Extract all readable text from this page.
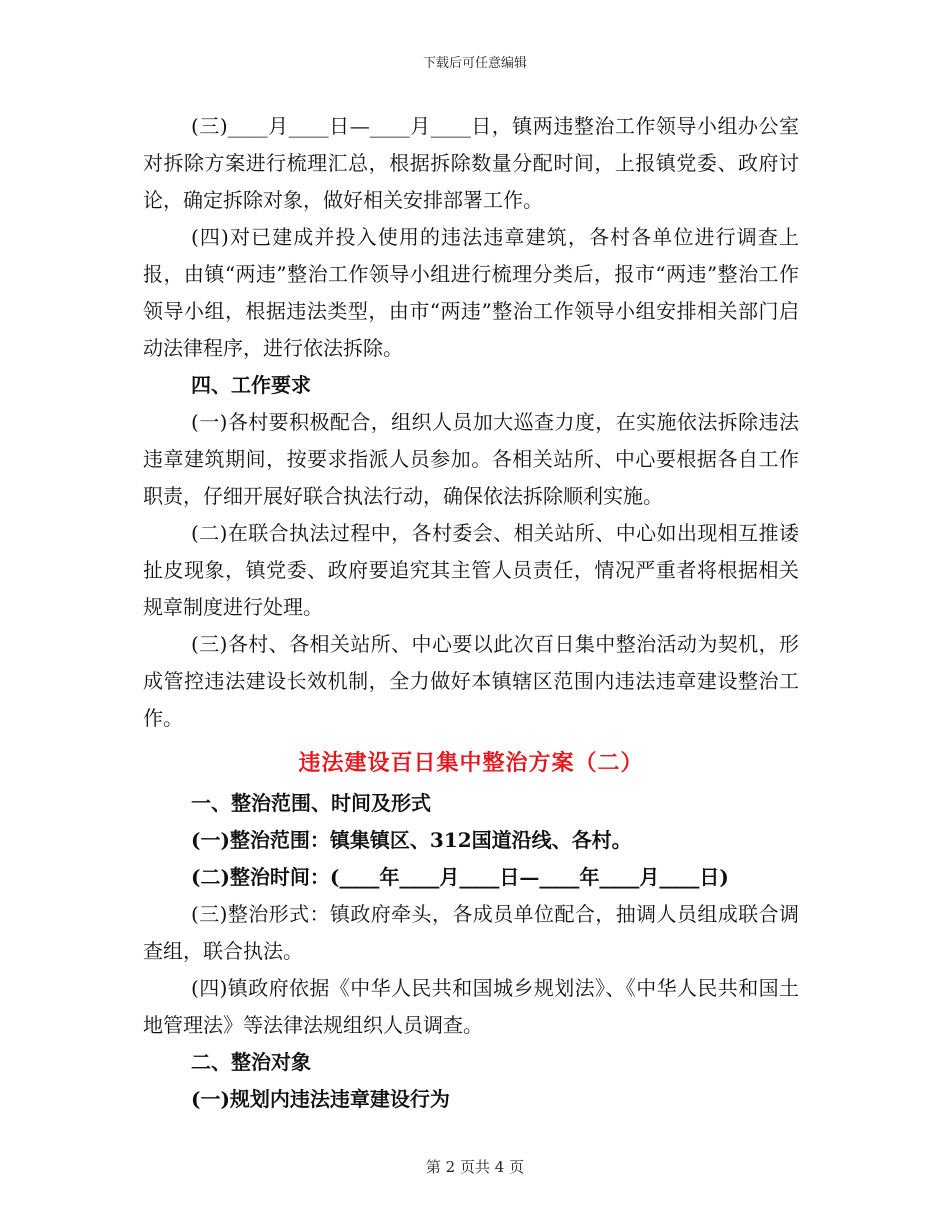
下载后可任意编辑

(三)____月____日—____月____日，镇两违整治工作领导小组办公室对拆除方案进行梳理汇总，根据拆除数量分配时间，上报镇党委、政府讨论，确定拆除对象，做好相关安排部署工作。

(四)对已建成并投入使用的违法违章建筑，各村各单位进行调查上报，由镇“两违”整治工作领导小组进行梳理分类后，报市“两违”整治工作领导小组，根据违法类型，由市“两违”整治工作领导小组安排相关部门启动法律程序，进行依法拆除。

四、工作要求

(一)各村要积极配合，组织人员加大巡查力度，在实施依法拆除违法违章建筑期间，按要求指派人员参加。各相关站所、中心要根据各自工作职责，仔细开展好联合执法行动，确保依法拆除顺利实施。

(二)在联合执法过程中，各村委会、相关站所、中心如出现相互推诿扯皮现象，镇党委、政府要追究其主管人员责任，情况严重者将根据相关规章制度进行处理。

(三)各村、各相关站所、中心要以此次百日集中整治活动为契机，形成管控违法建设长效机制，全力做好本镇辖区范围内违法违章建设整治工作。

违法建设百日集中整治方案（二）

一、整治范围、时间及形式

(一)整治范围：镇集镇区、312国道沿线、各村。

(二)整治时间：(____年____月____日—____年____月____日)

(三)整治形式：镇政府牵头，各成员单位配合，抽调人员组成联合调查组，联合执法。

(四)镇政府依据《中华人民共和国城乡规划法》、《中华人民共和国土地管理法》等法律法规组织人员调查。

二、整治对象

(一)规划内违法违章建设行为

第 2 页共 4 页
